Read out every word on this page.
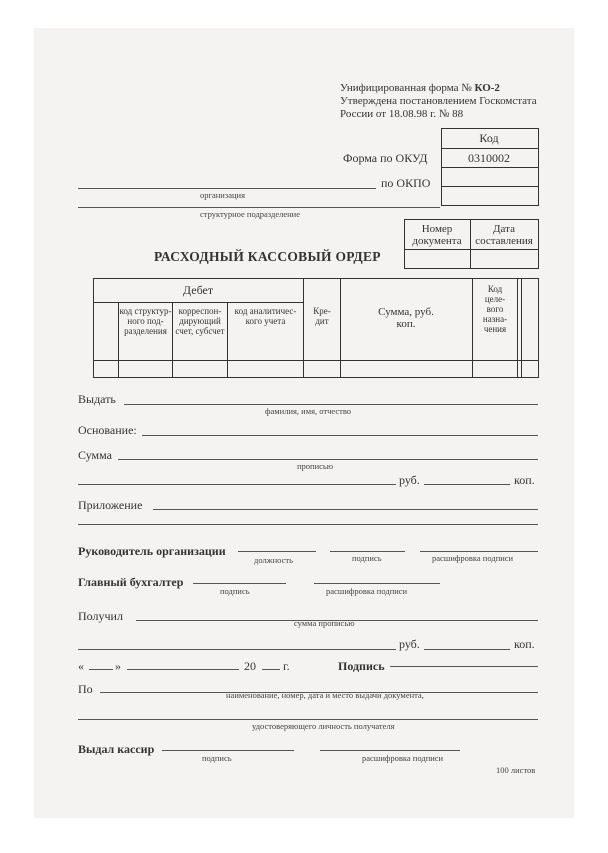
Унифицированная форма № КО-2
Утверждена постановлением Госкомстата
России от 18.08.98 г. № 88
Код
0310002
Форма по ОКУД
по ОКПО
организация
структурное подразделение
Номер документа
Дата составления
РАСХОДНЫЙ КАССОВЫЙ ОРДЕР
Дебет
код структур-ного под-разделения
корреспон-дирующий счет, субсчет
код аналитичес-кого учета
Кре-дит
Сумма, руб. коп.
Код целе-вого назна-чения
Выдать
фамилия, имя, отчество
Основание:
Сумма
прописью
руб.	коп.
Приложение
Руководитель организации
должность	подпись	расшифровка подписи
Главный бухгалтер
подпись	расшифровка подписи
Получил	сумма прописью
руб.	коп.
«	»	20 г.	Подпись
По	наименование, номер, дата и место выдачи документа,
удостоверяющего личность получателя
Выдал кассир
подпись	расшифровка подписи
100 листов
